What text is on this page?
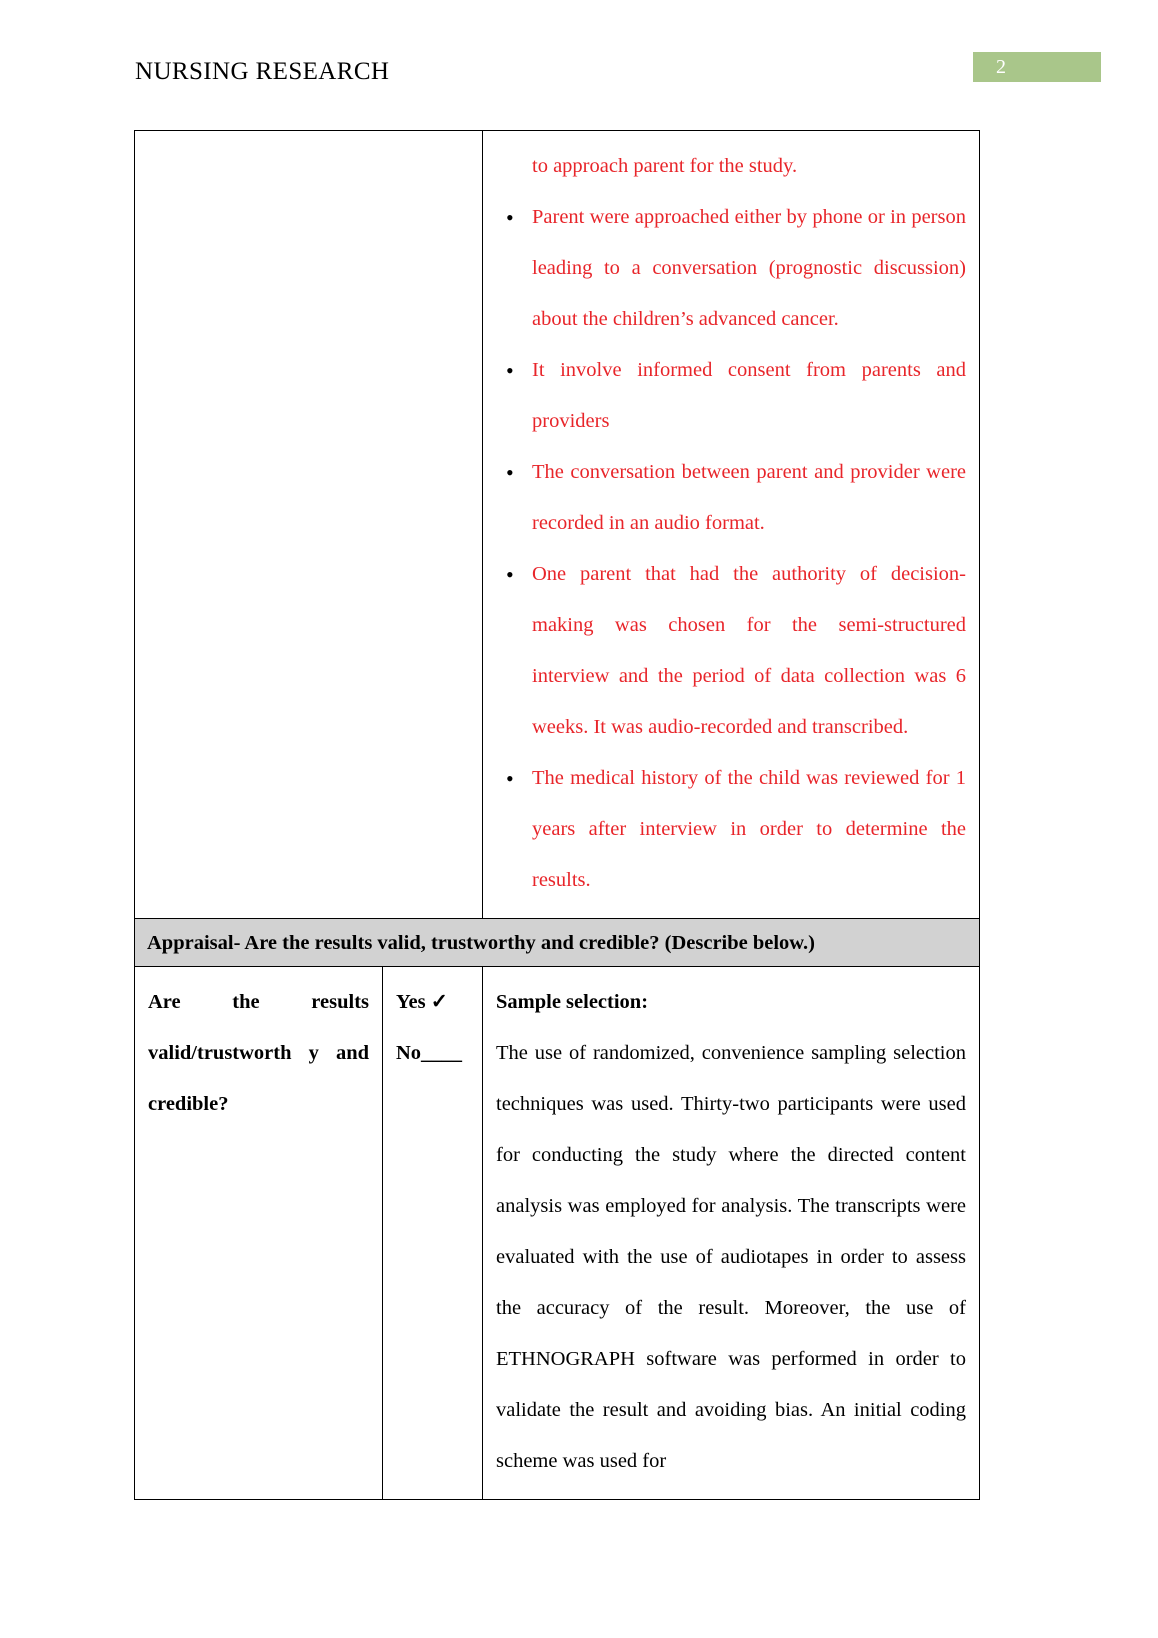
2
NURSING RESEARCH

to approach parent for the study.
• Parent were approached either by phone or in person leading to a conversation (prognostic discussion) about the children’s advanced cancer.
• It involve informed consent from parents and providers
• The conversation between parent and provider were recorded in an audio format.
• One parent that had the authority of decision-making was chosen for the semi-structured interview and the period of data collection was 6 weeks. It was audio-recorded and transcribed.
• The medical history of the child was reviewed for 1 years after interview in order to determine the results.

Appraisal- Are the results valid, trustworthy and credible? (Describe below.)		

Are the results valid/trustworth y and credible?

Yes ✓
No____

Sample selection:

The use of randomized, convenience sampling selection techniques was used. Thirty-two participants were used for conducting the study where the directed content analysis was employed for analysis. The transcripts were evaluated with the use of audiotapes in order to assess the accuracy of the result. Moreover, the use of ETHNOGRAPH software was performed in order to validate the result and avoiding bias. An initial coding scheme was used for
